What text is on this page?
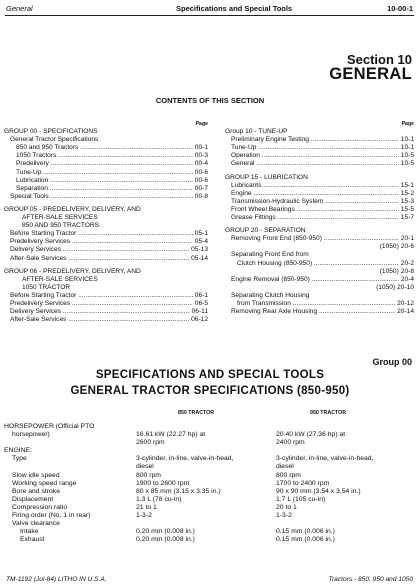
General	Specifications and Special Tools	10-00-1
Section 10
GENERAL
CONTENTS OF THIS SECTION
Page
GROUP 00 - SPECIFICATIONS
General Tractor Specifications
850 and 950 Tractors .....	00-1
1050 Tractors .....	00-3
Predelivery .....	00-4
Tune-Up .....	00-6
Lubrication .....	00-6
Separation .....	00-7
Special Tools .....	00-8
GROUP 05 - PREDELIVERY, DELIVERY, AND
AFTER-SALE SERVICES
850 AND 950 TRACTORS
Before Starting Tractor .....	05-1
Predelivery Services .....	05-4
Delivery Services .....	05-13
After-Sale Services .....	05-14
GROUP 06 - PREDELIVERY, DELIVERY, AND
AFTER-SALE SERVICES
1050 TRACTOR
Before Starting Tractor .....	06-1
Predelivery Services .....	06-5
Delivery Services .....	06-11
After-Sale Services .....	06-12
Page
Group 10 - TUNE-UP
Preliminary Engine Testing .....	10-1
Tune-Up .....	10-1
Operation .....	10-5
General .....	10-5
GROUP 15 - LUBRICATION
Lubricants .....	15-1
Engine .....	15-2
Transmission-Hydraulic System .....	15-3
Front Wheel Bearings .....	15-5
Grease Fittings .....	15-7
GROUP 20 - SEPARATION
Removing Front End (850-950) .....	20-1
(1050) 20-6
Separating Front End from
Clutch Housing (850-950) .....	20-2
(1050) 20-8
Engine Removal (850-950) .....	20-4
(1050) 20-10
Separating Clutch Housing
from Transmission .....	20-12
Removing Rear Axle Housing .....	20-14
Group 00
SPECIFICATIONS AND SPECIAL TOOLS
GENERAL TRACTOR SPECIFICATIONS (850-950)
850 TRACTOR	950 TRACTOR
HORSEPOWER (Official PTO
horsepower)	16.61 kW (22.27 hp) at	20.40 kW (27.36 hp) at
2600 rpm	2400 rpm
ENGINE:
Type	3-cylinder, in-line, valve-in-head,	3-cylinder, in-line, valve-in-head,
diesel	diesel
Slow idle speed	800 rpm	800 rpm
Working speed range	1900 to 2600 rpm	1700 to 2400 rpm
Bore and stroke	80 x 85 mm (3.15 x 3.35 in.)	90 x 90 mm (3.54 x 3.54 in.)
Displacement	1.3 L (78 cu-in)	1.7 L (105 cu-in)
Compression ratio	21 to 1	20 to 1
Firing order (No. 1 in rear)	1-3-2	1-3-2
Valve clearance
Intake	0.20 mm (0.008 in.)	0.15 mm (0.006 in.)
Exhaust	0.20 mm (0.008 in.)	0.15 mm (0.006 in.)
TM-1192 (Jul-84) LITHO IN U.S.A.	Tractors - 850, 950 and 1050
